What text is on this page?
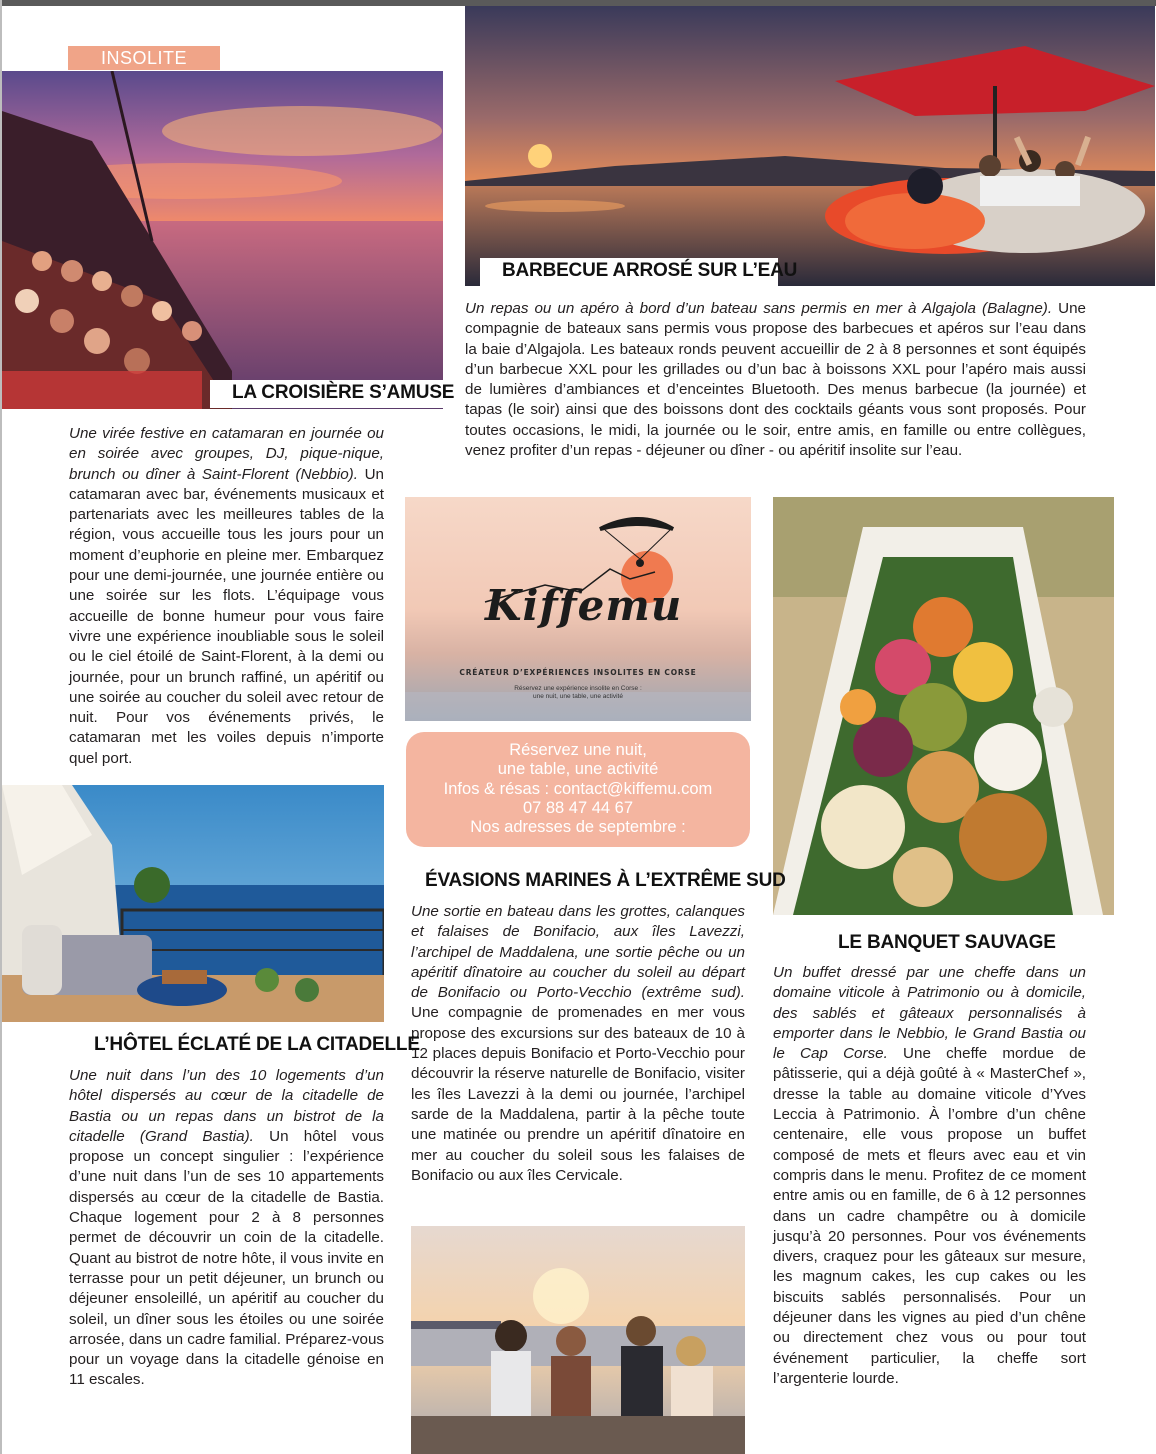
INSOLITE
LA CROISIÈRE S’AMUSE
Une virée festive en catamaran en journée ou en soirée avec groupes, DJ, pique-nique, brunch ou dîner à Saint-Florent (Nebbio). Un catamaran avec bar, événements musicaux et partenariats avec les meilleures tables de la région, vous accueille tous les jours pour un moment d’euphorie en pleine mer. Embarquez pour une demi-journée, une journée entière ou une soirée sur les flots. L’équipage vous accueille de bonne humeur pour vous faire vivre une expérience inoubliable sous le soleil ou le ciel étoilé de Saint-Florent, à la demi ou journée, pour un brunch raffiné, un apéritif ou une soirée au coucher du soleil avec retour de nuit. Pour vos événements privés, le catamaran met les voiles depuis n’importe quel port.
BARBECUE ARROSÉ SUR L’EAU
Un repas ou un apéro à bord d’un bateau sans permis en mer à Algajola (Balagne). Une compagnie de bateaux sans permis vous propose des barbecues et apéros sur l’eau dans la baie d’Algajola. Les bateaux ronds peuvent accueillir de 2 à 8 personnes et sont équipés d’un barbecue XXL pour les grillades ou d’un bac à boissons XXL pour l’apéro mais aussi de lumières d’ambiances et d’enceintes Bluetooth. Des menus barbecue (la journée) et tapas (le soir) ainsi que des boissons dont des cocktails géants vous sont proposés. Pour toutes occasions, le midi, la journée ou le soir, entre amis, en famille ou entre collègues, venez profiter d’un repas - déjeuner ou dîner - ou apéritif insolite sur l’eau.
Kiffemu
CRÉATEUR D’EXPÉRIENCES INSOLITES EN CORSE
Réservez une expérience insolite en Corse :
une nuit, une table, une activité
Réservez une nuit,
une table, une activité
Infos & résas : contact@kiffemu.com
07 88 47 44 67
Nos adresses de septembre :
LE BANQUET SAUVAGE
Un buffet dressé par une cheffe dans un domaine viticole à Patrimonio ou à domicile, des sablés et gâteaux personnalisés à emporter dans le Nebbio, le Grand Bastia ou le Cap Corse. Une cheffe mordue de pâtisserie, qui a déjà goûté à « MasterChef », dresse la table au domaine viticole d’Yves Leccia à Patrimonio. À l’ombre d’un chêne centenaire, elle vous propose un buffet composé de mets et fleurs avec eau et vin compris dans le menu. Profitez de ce moment entre amis ou en famille, de 6 à 12 personnes dans un cadre champêtre ou à domicile jusqu’à 20 personnes. Pour vos événements divers, craquez pour les gâteaux sur mesure, les magnum cakes, les cup cakes ou les biscuits sablés personnalisés. Pour un déjeuner dans les vignes au pied d’un chêne ou directement chez vous ou pour tout événement particulier, la cheffe sort l’argenterie lourde.
ÉVASIONS MARINES À L’EXTRÊME SUD
Une sortie en bateau dans les grottes, calanques et falaises de Bonifacio, aux îles Lavezzi, l’archipel de Maddalena, une sortie pêche ou un apéritif dînatoire au coucher du soleil au départ de Bonifacio ou Porto-Vecchio (extrême sud). Une compagnie de promenades en mer vous propose des excursions sur des bateaux de 10 à 12 places depuis Bonifacio et Porto-Vecchio pour découvrir la réserve naturelle de Bonifacio, visiter les îles Lavezzi à la demi ou journée, l’archipel sarde de la Maddalena, partir à la pêche toute une matinée ou prendre un apéritif dînatoire en mer au coucher du soleil sous les falaises de Bonifacio ou aux îles Cervicale.
L’HÔTEL ÉCLATÉ DE LA CITADELLE
Une nuit dans l’un des 10 logements d’un hôtel dispersés au cœur de la citadelle de Bastia ou un repas dans un bistrot de la citadelle (Grand Bastia). Un hôtel vous propose un concept singulier : l’expérience d’une nuit dans l’un de ses 10 appartements dispersés au cœur de la citadelle de Bastia. Chaque logement pour 2 à 8 personnes permet de découvrir un coin de la citadelle. Quant au bistrot de notre hôte, il vous invite en terrasse pour un petit déjeuner, un brunch ou déjeuner ensoleillé, un apéritif au coucher du soleil, un dîner sous les étoiles ou une soirée arrosée, dans un cadre familial. Préparez-vous pour un voyage dans la citadelle génoise en 11 escales.
